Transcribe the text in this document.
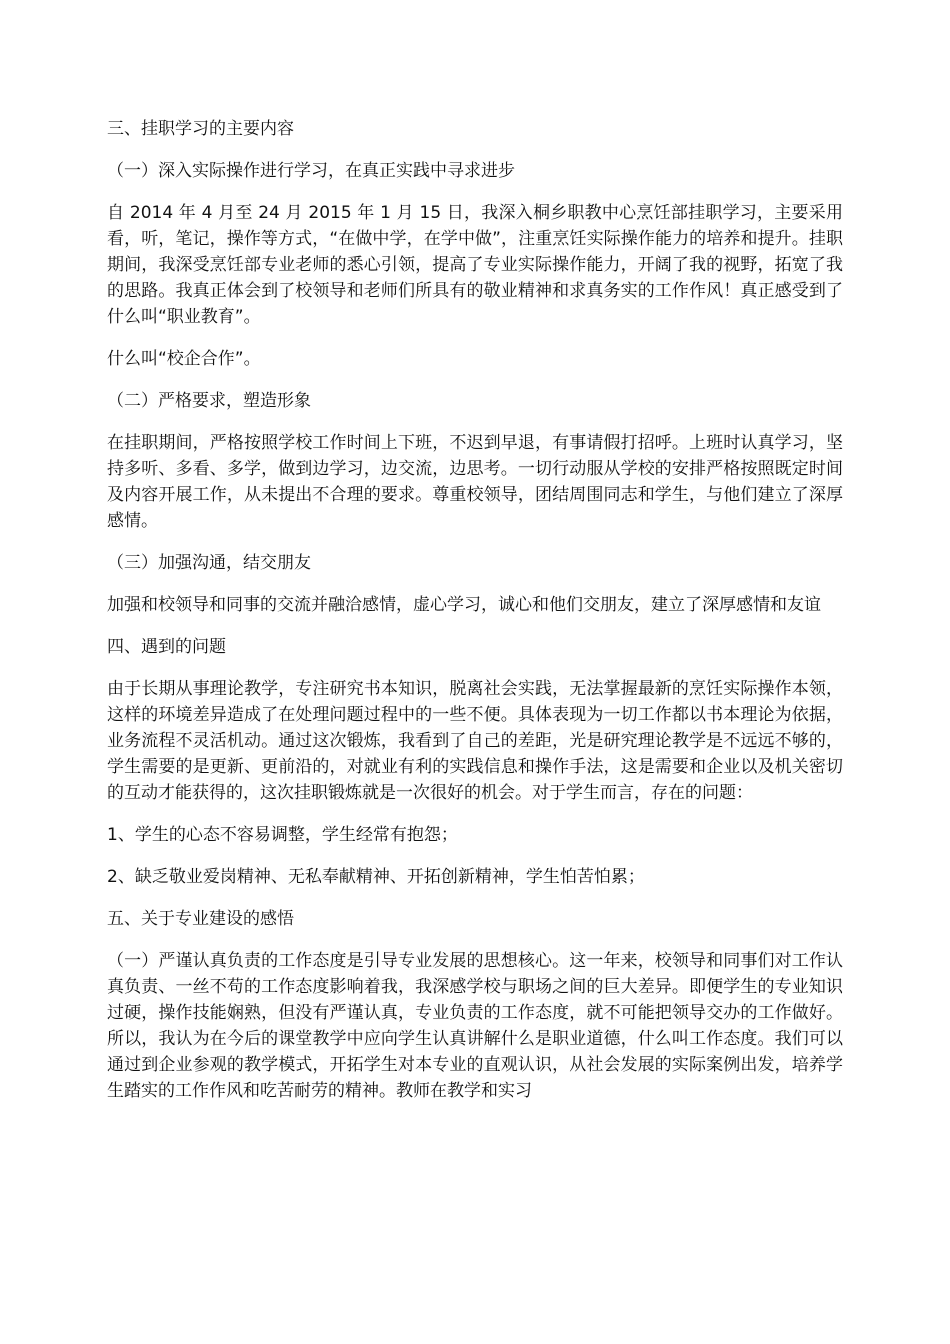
三、挂职学习的主要内容
（一）深入实际操作进行学习，在真正实践中寻求进步
自 2014 年 4 月至 24 月 2015 年 1 月 15 日，我深入桐乡职教中心烹饪部挂职学习，主要采用看，听，笔记，操作等方式，“在做中学，在学中做”，注重烹饪实际操作能力的培养和提升。挂职期间，我深受烹饪部专业老师的悉心引领，提高了专业实际操作能力，开阔了我的视野，拓宽了我的思路。我真正体会到了校领导和老师们所具有的敬业精神和求真务实的工作作风！真正感受到了什么叫“职业教育”。
什么叫“校企合作”。
（二）严格要求，塑造形象
在挂职期间，严格按照学校工作时间上下班，不迟到早退，有事请假打招呼。上班时认真学习，坚持多听、多看、多学，做到边学习，边交流，边思考。一切行动服从学校的安排严格按照既定时间及内容开展工作，从未提出不合理的要求。尊重校领导，团结周围同志和学生，与他们建立了深厚感情。
（三）加强沟通，结交朋友
加强和校领导和同事的交流并融洽感情，虚心学习，诚心和他们交朋友，建立了深厚感情和友谊
四、遇到的问题
由于长期从事理论教学，专注研究书本知识，脱离社会实践，无法掌握最新的烹饪实际操作本领，这样的环境差异造成了在处理问题过程中的一些不便。具体表现为一切工作都以书本理论为依据，业务流程不灵活机动。通过这次锻炼，我看到了自己的差距，光是研究理论教学是不远远不够的，学生需要的是更新、更前沿的，对就业有利的实践信息和操作手法，这是需要和企业以及机关密切的互动才能获得的，这次挂职锻炼就是一次很好的机会。对于学生而言，存在的问题：
1、学生的心态不容易调整，学生经常有抱怨；
2、缺乏敬业爱岗精神、无私奉献精神、开拓创新精神，学生怕苦怕累；
五、关于专业建设的感悟
（一）严谨认真负责的工作态度是引导专业发展的思想核心。这一年来，校领导和同事们对工作认真负责、一丝不苟的工作态度影响着我，我深感学校与职场之间的巨大差异。即便学生的专业知识过硬，操作技能娴熟，但没有严谨认真，专业负责的工作态度，就不可能把领导交办的工作做好。所以，我认为在今后的课堂教学中应向学生认真讲解什么是职业道德，什么叫工作态度。我们可以通过到企业参观的教学模式，开拓学生对本专业的直观认识，从社会发展的实际案例出发，培养学生踏实的工作作风和吃苦耐劳的精神。教师在教学和实习
